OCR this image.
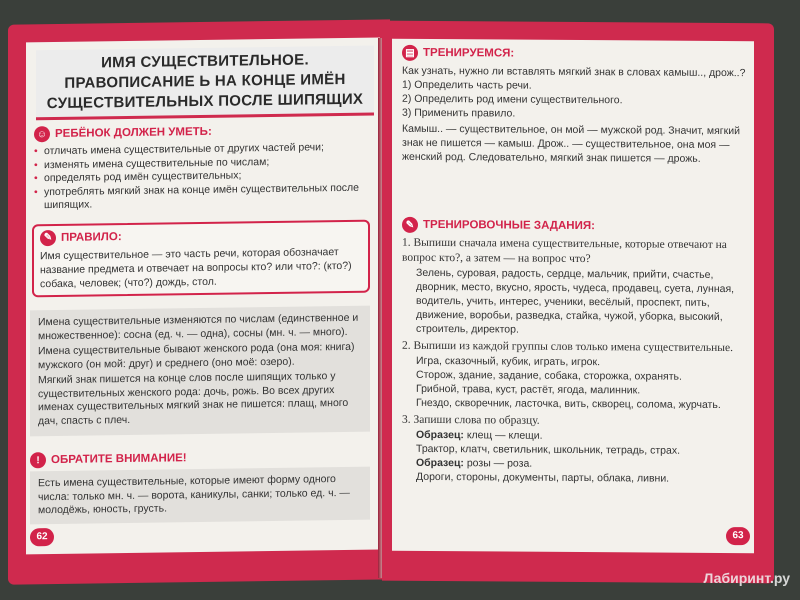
ИМЯ СУЩЕСТВИТЕЛЬНОЕ.
ПРАВОПИСАНИЕ Ь НА КОНЦЕ ИМЁН
СУЩЕСТВИТЕЛЬНЫХ ПОСЛЕ ШИПЯЩИХ
☺ РЕБЁНОК ДОЛЖЕН УМЕТЬ:
• отличать имена существительные от других частей речи;
• изменять имена существительные по числам;
• определять род имён существительных;
• употреблять мягкий знак на конце имён существительных после шипящих.
✎ ПРАВИЛО:
Имя существительное — это часть речи, которая обозначает название предмета и отвечает на вопросы кто? или что?: (кто?) собака, человек; (что?) дождь, стол.

Имена существительные изменяются по числам (единственное и множественное): сосна (ед. ч. — одна), сосны (мн. ч. — много).

Имена существительные бывают женского рода (она моя: книга) мужского (он мой: друг) и среднего (оно моё: озеро).

Мягкий знак пишется на конце слов после шипящих только у существительных женского рода: дочь, рожь. Во всех других именах существительных мягкий знак не пишется: плащ, много дач, спасть с плеч.

! ОБРАТИТЕ ВНИМАНИЕ!
Есть имена существительные, которые имеют форму одного числа: только мн. ч. — ворота, каникулы, санки; только ед. ч. — молодёжь, юность, грусть.
62
▤ ТРЕНИРУЕМСЯ:
Как узнать, нужно ли вставлять мягкий знак в словах камыш.., дрож..?
1) Определить часть речи.
2) Определить род имени существительного.
3) Применить правило.
Камыш.. — существительное, он мой — мужской род. Значит, мягкий знак не пишется — камыш. Дрож.. — существительное, она моя — женский род. Следовательно, мягкий знак пишется — дрожь.
✎ ТРЕНИРОВОЧНЫЕ ЗАДАНИЯ:
1. Выпиши сначала имена существительные, которые отвечают на вопрос кто?, а затем — на вопрос что?
Зелень, суровая, радость, сердце, мальчик, прийти, счастье, дворник, место, вкусно, ярость, чудеса, продавец, суета, лунная, водитель, учить, интерес, ученики, весёлый, проспект, пить, движение, воробьи, разведка, стайка, чужой, уборка, высокий, строитель, директор.
2. Выпиши из каждой группы слов только имена существительные.
Игра, сказочный, кубик, играть, игрок.
Сторож, здание, задание, собака, сторожка, охранять.
Грибной, трава, куст, растёт, ягода, малинник.
Гнездо, скворечник, ласточка, вить, скворец, солома, журчать.
3. Запиши слова по образцу.
Образец: клещ — клещи.
Трактор, клатч, светильник, школьник, тетрадь, страх.
Образец: розы — роза.
Дороги, стороны, документы, парты, облака, ливни.
63
Лабиринт.ру
